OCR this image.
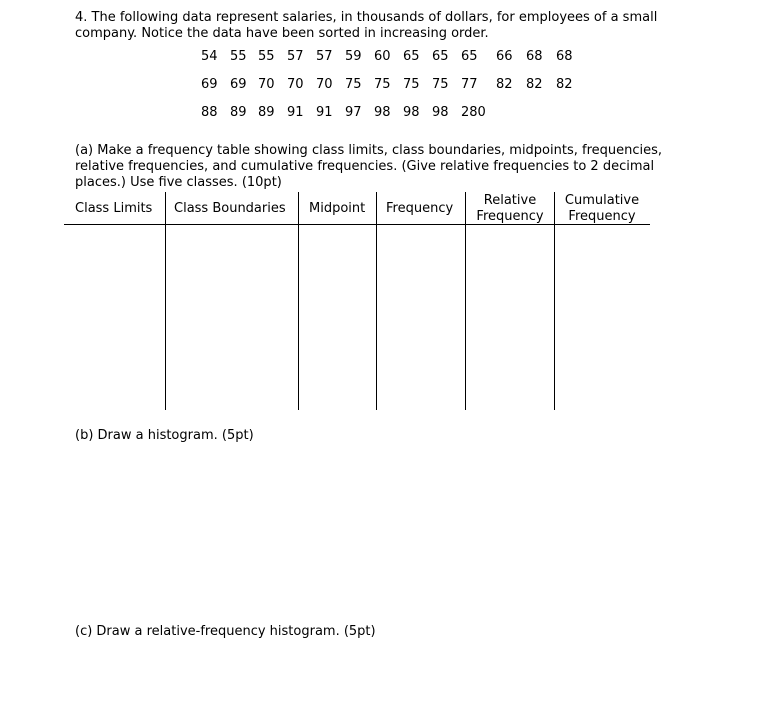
4. The following data represent salaries, in thousands of dollars, for employees of a small
company. Notice the data have been sorted in increasing order.
54 55 55 57 57 59 60 65 65 65 66 68 68
69 69 70 70 70 75 75 75 75 77 82 82 82
88 89 89 91 91 97 98 98 98 280
(a) Make a frequency table showing class limits, class boundaries, midpoints, frequencies,
relative frequencies, and cumulative frequencies. (Give relative frequencies to 2 decimal
places.) Use five classes. (10pt)
Class Limits Class Boundaries Midpoint Frequency
Relative
Frequency
Cumulative
Frequency
(b) Draw a histogram. (5pt)
(c) Draw a relative-frequency histogram. (5pt)
